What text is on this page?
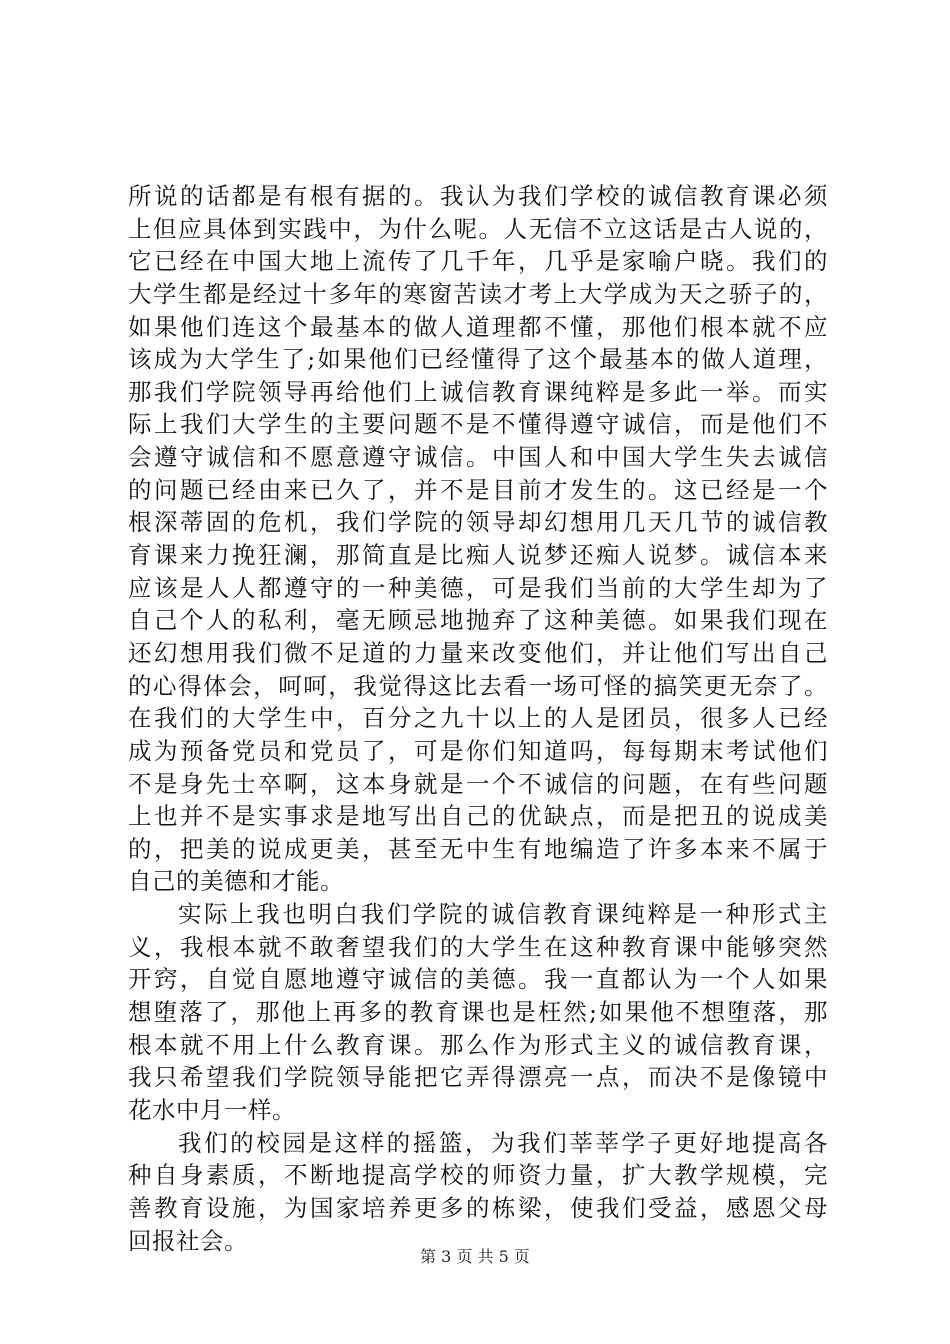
所说的话都是有根有据的。我认为我们学校的诚信教育课必须
上但应具体到实践中，为什么呢。人无信不立这话是古人说的，
它已经在中国大地上流传了几千年，几乎是家喻户晓。我们的
大学生都是经过十多年的寒窗苦读才考上大学成为天之骄子的，
如果他们连这个最基本的做人道理都不懂，那他们根本就不应
该成为大学生了;如果他们已经懂得了这个最基本的做人道理，
那我们学院领导再给他们上诚信教育课纯粹是多此一举。而实
际上我们大学生的主要问题不是不懂得遵守诚信，而是他们不
会遵守诚信和不愿意遵守诚信。中国人和中国大学生失去诚信
的问题已经由来已久了，并不是目前才发生的。这已经是一个
根深蒂固的危机，我们学院的领导却幻想用几天几节的诚信教
育课来力挽狂澜，那简直是比痴人说梦还痴人说梦。诚信本来
应该是人人都遵守的一种美德，可是我们当前的大学生却为了
自己个人的私利，毫无顾忌地抛弃了这种美德。如果我们现在
还幻想用我们微不足道的力量来改变他们，并让他们写出自己
的心得体会，呵呵，我觉得这比去看一场可怪的搞笑更无奈了。
在我们的大学生中，百分之九十以上的人是团员，很多人已经
成为预备党员和党员了，可是你们知道吗，每每期末考试他们
不是身先士卒啊，这本身就是一个不诚信的问题，在有些问题
上也并不是实事求是地写出自己的优缺点，而是把丑的说成美
的，把美的说成更美，甚至无中生有地编造了许多本来不属于
自己的美德和才能。
实际上我也明白我们学院的诚信教育课纯粹是一种形式主
义，我根本就不敢奢望我们的大学生在这种教育课中能够突然
开窍，自觉自愿地遵守诚信的美德。我一直都认为一个人如果
想堕落了，那他上再多的教育课也是枉然;如果他不想堕落，那
根本就不用上什么教育课。那么作为形式主义的诚信教育课，
我只希望我们学院领导能把它弄得漂亮一点，而决不是像镜中
花水中月一样。
我们的校园是这样的摇篮，为我们莘莘学子更好地提高各
种自身素质，不断地提高学校的师资力量，扩大教学规模，完
善教育设施，为国家培养更多的栋梁，使我们受益，感恩父母
回报社会。
第 3 页 共 5 页
